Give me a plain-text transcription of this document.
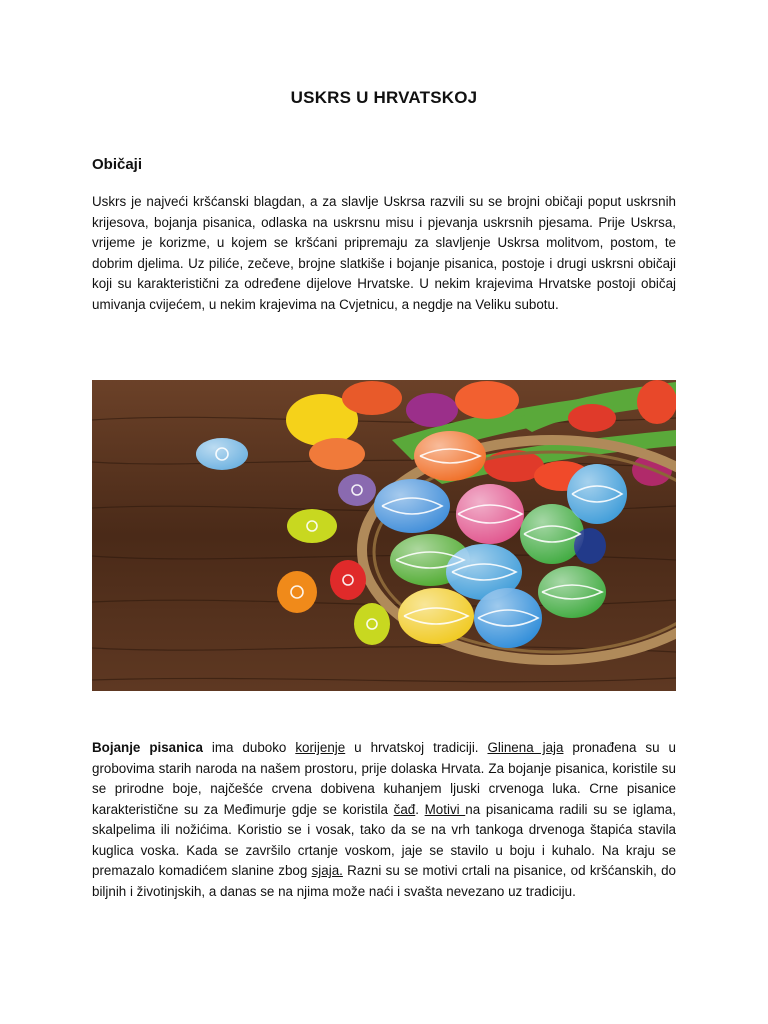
USKRS U HRVATSKOJ
Običaji
Uskrs je najveći kršćanski blagdan, a za slavlje Uskrsa razvili su se brojni običaji poput uskrsnih krijesova, bojanja pisanica, odlaska na uskrsnu misu i pjevanja uskrsnih pjesama. Prije Uskrsa, vrijeme je korizme, u kojem se kršćani pripremaju za slavljenje Uskrsa molitvom, postom, te dobrim djelima. Uz piliće, zečeve, brojne slatkiše i bojanje pisanica, postoje i drugi uskrsni običaji koji su karakteristični za određene dijelove Hrvatske. U nekim krajevima Hrvatske postoji običaj umivanja cvijećem, u nekim krajevima na Cvjetnicu, a negdje na Veliku subotu.
Bojanje pisanica ima duboko korijenje u hrvatskoj tradiciji. Glinena jaja pronađena su u grobovima starih naroda na našem prostoru, prije dolaska Hrvata. Za bojanje pisanica, koristile su se prirodne boje, najčešće crvena dobivena kuhanjem ljuski crvenoga luka. Crne pisanice karakteristične su za Međimurje gdje se koristila čađ. Motivi na pisanicama radili su se iglama, skalpelima ili nožićima. Koristio se i vosak, tako da se na vrh tankoga drvenoga štapića stavila kuglica voska. Kada se završilo crtanje voskom, jaje se stavilo u boju i kuhalo. Na kraju se premazalo komadićem slanine zbog sjaja. Razni su se motivi crtali na pisanice, od kršćanskih, do biljnih i životinjskih, a danas se na njima može naći i svašta nevezano uz tradiciju.
